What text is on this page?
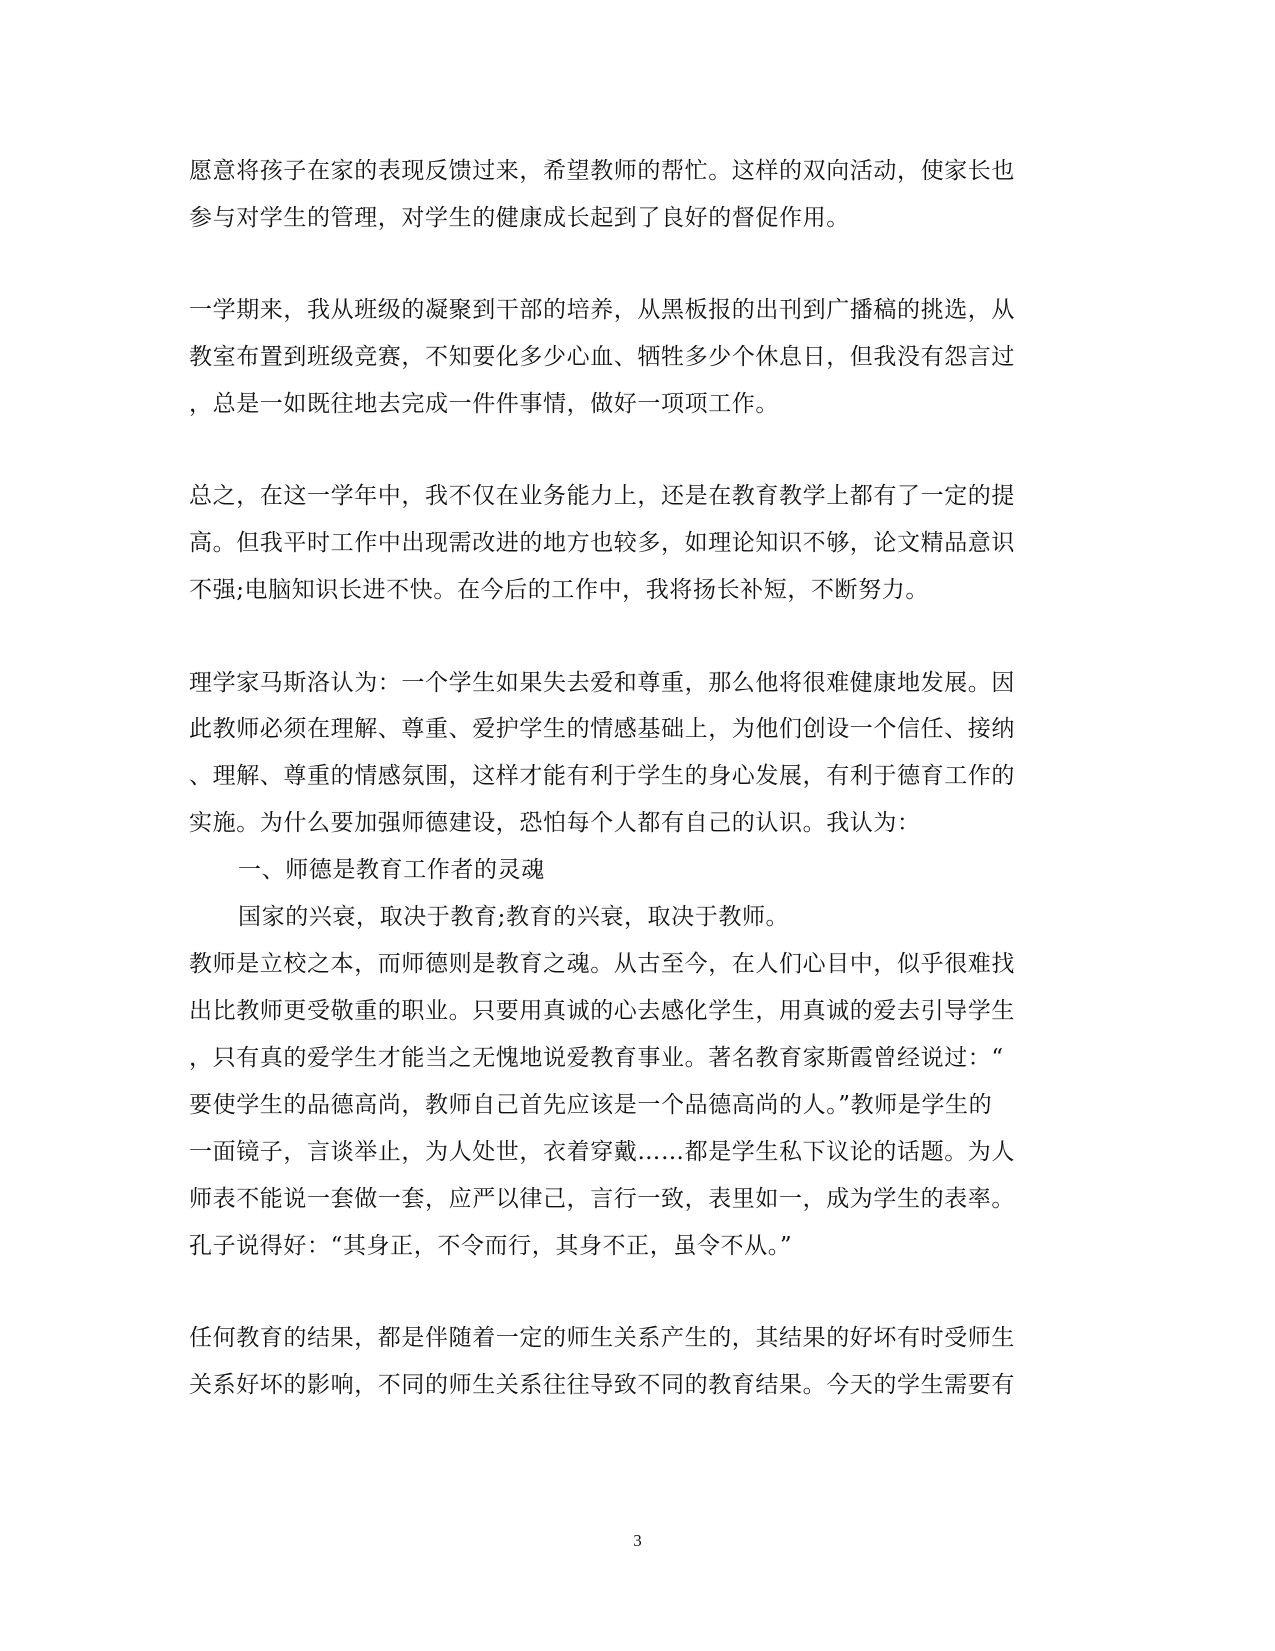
愿意将孩子在家的表现反馈过来，希望教师的帮忙。这样的双向活动，使家长也
参与对学生的管理，对学生的健康成长起到了良好的督促作用。
一学期来，我从班级的凝聚到干部的培养，从黑板报的出刊到广播稿的挑选，从
教室布置到班级竞赛，不知要化多少心血、牺牲多少个休息日，但我没有怨言过
，总是一如既往地去完成一件件事情，做好一项项工作。
总之，在这一学年中，我不仅在业务能力上，还是在教育教学上都有了一定的提
高。但我平时工作中出现需改进的地方也较多，如理论知识不够，论文精品意识
不强;电脑知识长进不快。在今后的工作中，我将扬长补短，不断努力。
理学家马斯洛认为：一个学生如果失去爱和尊重，那么他将很难健康地发展。因
此教师必须在理解、尊重、爱护学生的情感基础上，为他们创设一个信任、接纳
、理解、尊重的情感氛围，这样才能有利于学生的身心发展，有利于德育工作的
实施。为什么要加强师德建设，恐怕每个人都有自己的认识。我认为：
一、师德是教育工作者的灵魂
国家的兴衰，取决于教育;教育的兴衰，取决于教师。
教师是立校之本，而师德则是教育之魂。从古至今，在人们心目中，似乎很难找
出比教师更受敬重的职业。只要用真诚的心去感化学生，用真诚的爱去引导学生
，只有真的爱学生才能当之无愧地说爱教育事业。著名教育家斯霞曾经说过：“
要使学生的品德高尚，教师自己首先应该是一个品德高尚的人。”教师是学生的
一面镜子，言谈举止，为人处世，衣着穿戴……都是学生私下议论的话题。为人
师表不能说一套做一套，应严以律己，言行一致，表里如一，成为学生的表率。
孔子说得好：“其身正，不令而行，其身不正，虽令不从。”
任何教育的结果，都是伴随着一定的师生关系产生的，其结果的好坏有时受师生
关系好坏的影响，不同的师生关系往往导致不同的教育结果。今天的学生需要有
3
